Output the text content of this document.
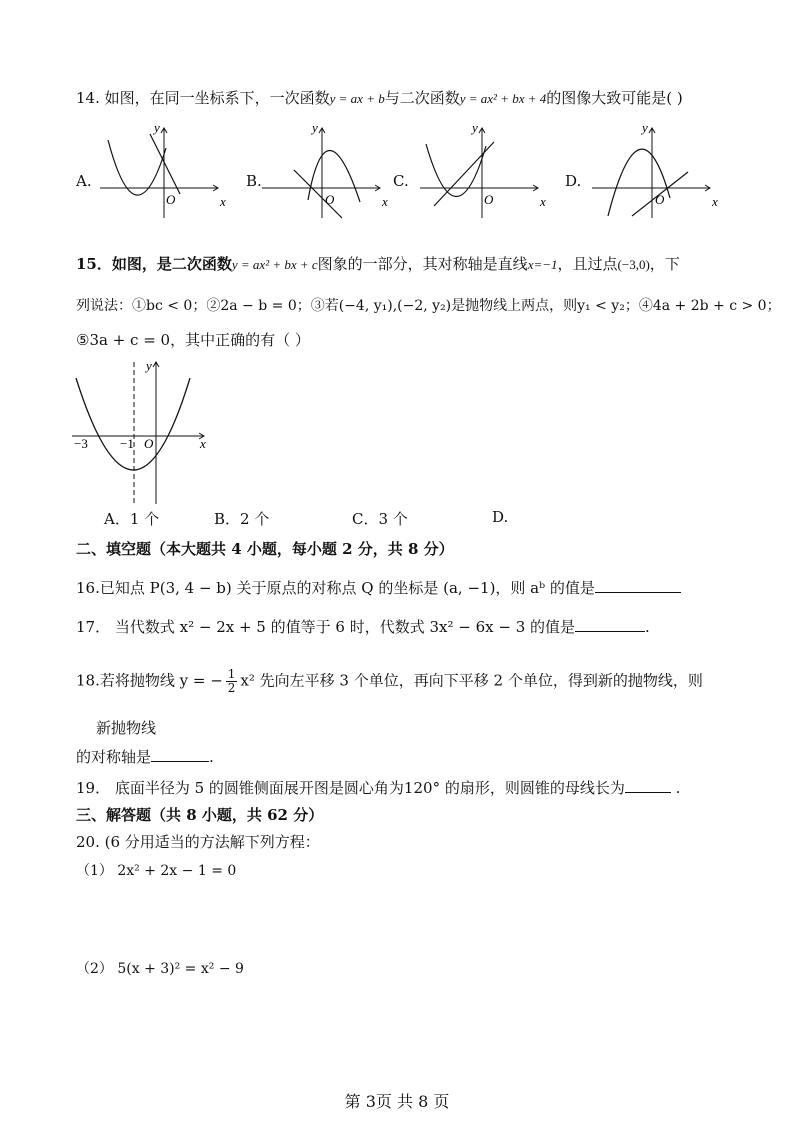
14. 如图，在同一坐标系下，一次函数y = ax + b与二次函数y = ax² + bx + 4的图像大致可能是( )
A.	B.	C.	D.
x
y
O	x
y
O	x
y
O	x
y
O
15．如图，是二次函数y = ax² + bx + c图象的一部分，其对称轴是直线x=−1，且过点(−3,0)，下
列说法：①bc < 0；②2a − b = 0；③若(−4, y₁),(−2, y₂)是抛物线上两点，则y₁ < y₂；④4a + 2b + c > 0；
⑤3a + c = 0，其中正确的有（ ）
−3 −1 O	x
y
A．1 个	B．2 个	C．3 个	D.
二、填空题（本大题共 4 小题，每小题 2 分，共 8 分）
16.已知点 P(3, 4 − b) 关于原点的对称点 Q 的坐标是 (a, −1)，则 aᵇ 的值是
17． 当代数式 x² − 2x + 5 的值等于 6 时，代数式 3x² − 6x − 3 的值是	.
18.若将抛物线 y = − $\frac{1}{2} x^2$ 先向左平移 3 个单位，再向下平移 2 个单位，得到新的抛物线，则
新抛物线
的对称轴是	.
19． 底面半径为 5 的圆锥侧面展开图是圆心角为120° 的扇形，则圆锥的母线长为	.
三、解答题（共 8 小题，共 62 分）
20. (6 分用适当的方法解下列方程：
（1） 2x² + 2x − 1 = 0
（2） 5(x + 3)² = x² − 9
第 3页 共 8 页
